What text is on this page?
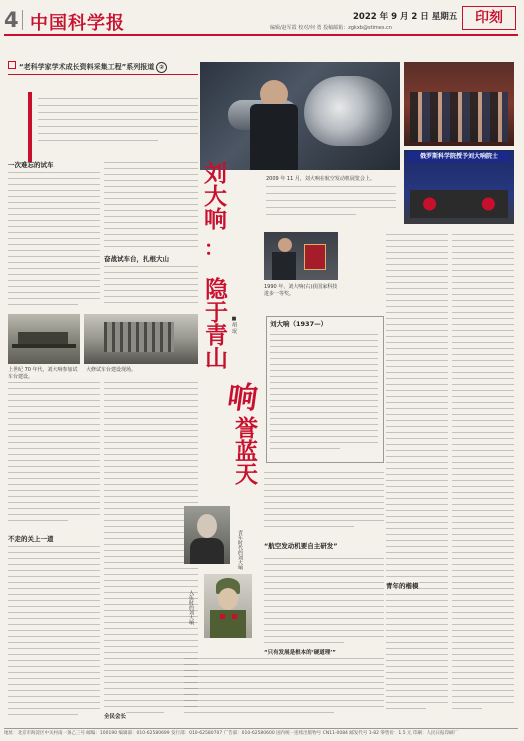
4 中国科学报	2022 年 9 月 2 日 星期五	印刻
编辑/赵军霞 校对/何 勇 投稿邮箱：zgkxb@stimes.cn
“老科学家学术成长资料采集工程”系列报道 ②
一次难忘的试车
奋战试车台，扎根大山
上世纪 70 年代，刘大响参加试车台建设。
大修试车台建设现场。
不走的关上一道
2009 年 11 月，刘大响在航空发动机展览会上。
俄罗斯科学院授予刘大响院士
刘大响
：
隐于青山 ■胡 珉
响
誉蓝天
1990 年，刘大响(右)获国家科技进步一等奖。
刘大响（1937—）
青年时代的刘大响
入伍时的刘大响
“航空发动机要自主研发”
青年的楷模
全民会长
“只有发展是根本的‘硬道理’”
地址：北京市海淀区中关村南一条乙三号 邮编：100190 编辑部：010-62580699 发行部：010-62580707 广告部：010-62580600 国内统一连续出版物号 CN11-0084 邮发代号 1-82 零售价：1.5 元 印刷：人民日报印刷厂
